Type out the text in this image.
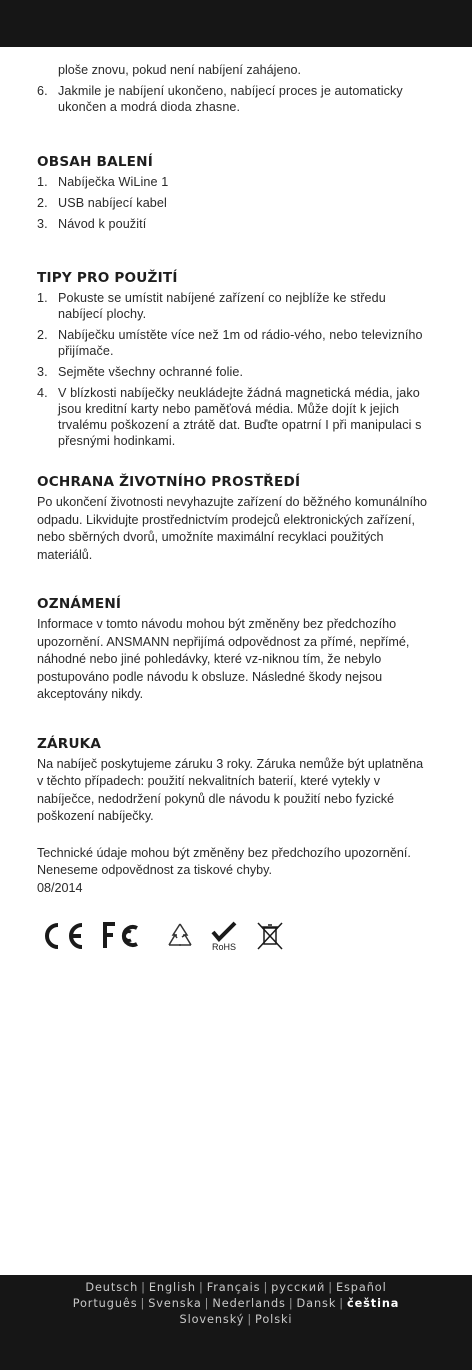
ploše znovu, pokud není nabíjení zahájeno.
6. Jakmile je nabíjení ukončeno, nabíjecí proces je automaticky ukončen a modrá dioda zhasne.
OBSAH BALENÍ
1. Nabíječka WiLine 1
2. USB nabíjecí kabel
3. Návod k použití
TIPY PRO POUŽITÍ
1. Pokuste se umístit nabíjené zařízení co nejblíže ke středu nabíjecí plochy.
2. Nabíječku umístěte více než 1m od rádio-vého, nebo televizního přijímače.
3. Sejměte všechny ochranné folie.
4. V blízkosti nabíječky neukládejte žádná magnetická média, jako jsou kreditní karty nebo paměťová média. Může dojít k jejich trvalému poškození a ztrátě dat. Buďte opatrní I při manipulaci s přesnými hodinkami.
OCHRANA ŽIVOTNÍHO PROSTŘEDÍ

Po ukončení životnosti nevyhazujte zařízení do běžného komunálního odpadu. Likvidujte prostřednictvím prodejců elektronických zařízení, nebo sběrných dvorů, umožníte maximální recyklaci použitých materiálů.

OZNÁMENÍ

Informace v tomto návodu mohou být změněny bez předchozího upozornění. ANSMANN nepřijímá odpovědnost za přímé, nepřímé, náhodné nebo jiné pohledávky, které vz-niknou tím, že nebylo postupováno podle návodu k obsluze. Následné škody nejsou akceptovány nikdy.

ZÁRUKA

Na nabíječ poskytujeme záruku 3 roky. Záruka nemůže být uplatněna v těchto případech: použití nekvalitních baterií, které vytekly v nabíječce, nedodržení pokynů dle návodu k použití nebo fyzické poškození nabíječky.

Technické údaje mohou být změněny bez předchozího upozornění. Neneseme odpovědnost za tiskové chyby.

08/2014

RoHS
Deutsch | English | Français | русский | Español
Português | Svenska | Nederlands | Dansk | čeština
Slovenský | Polski
